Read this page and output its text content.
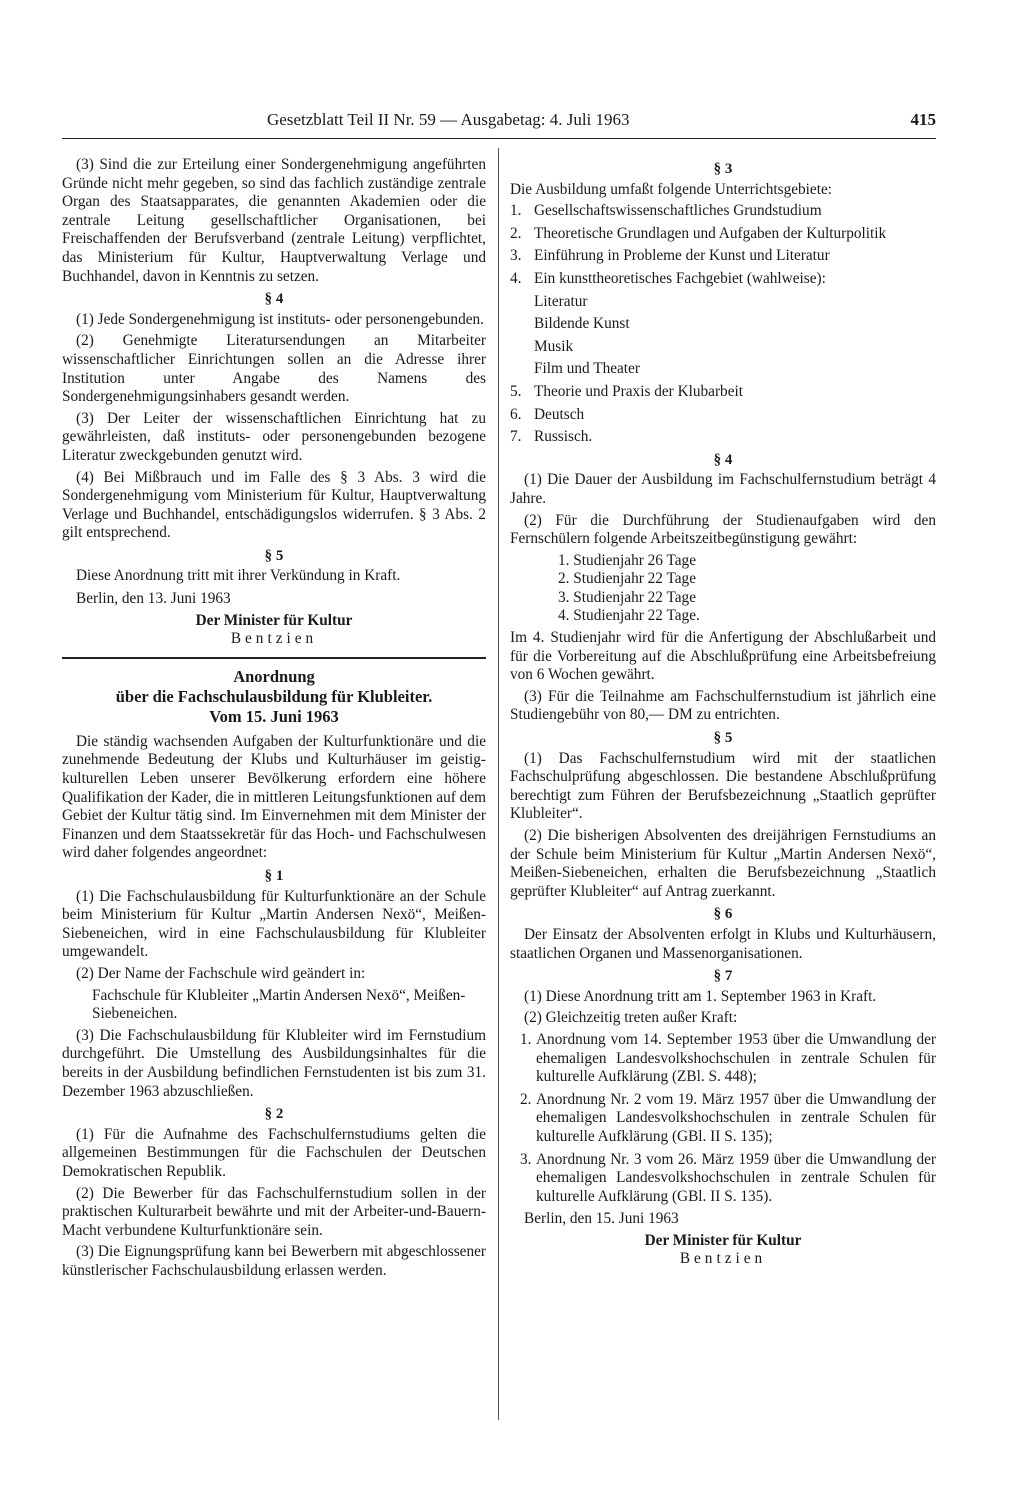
Gesetzblatt Teil II Nr. 59 — Ausgabetag: 4. Juli 1963	415

(3) Sind die zur Erteilung einer Sondergenehmigung angeführten Gründe nicht mehr gegeben, so sind das fachlich zuständige zentrale Organ des Staatsapparates, die genannten Akademien oder die zentrale Leitung gesellschaftlicher Organisationen, bei Freischaffenden der Berufsverband (zentrale Leitung) verpflichtet, das Ministerium für Kultur, Hauptverwaltung Verlage und Buchhandel, davon in Kenntnis zu setzen.

§ 4

(1) Jede Sondergenehmigung ist instituts- oder personengebunden.

(2) Genehmigte Literatursendungen an Mitarbeiter wissenschaftlicher Einrichtungen sollen an die Adresse ihrer Institution unter Angabe des Namens des Sondergenehmigungsinhabers gesandt werden.

(3) Der Leiter der wissenschaftlichen Einrichtung hat zu gewährleisten, daß instituts- oder personengebunden bezogene Literatur zweckgebunden genutzt wird.

(4) Bei Mißbrauch und im Falle des § 3 Abs. 3 wird die Sondergenehmigung vom Ministerium für Kultur, Hauptverwaltung Verlage und Buchhandel, entschädigungslos widerrufen. § 3 Abs. 2 gilt entsprechend.

§ 5

Diese Anordnung tritt mit ihrer Verkündung in Kraft.

Berlin, den 13. Juni 1963
Der Minister für Kultur
Bentzien
Anordnung
über die Fachschulausbildung für Klubleiter.
Vom 15. Juni 1963

Die ständig wachsenden Aufgaben der Kulturfunktionäre und die zunehmende Bedeutung der Klubs und Kulturhäuser im geistig-kulturellen Leben unserer Bevölkerung erfordern eine höhere Qualifikation der Kader, die in mittleren Leitungsfunktionen auf dem Gebiet der Kultur tätig sind. Im Einvernehmen mit dem Minister der Finanzen und dem Staatssekretär für das Hoch- und Fachschulwesen wird daher folgendes angeordnet:

§ 1

(1) Die Fachschulausbildung für Kulturfunktionäre an der Schule beim Ministerium für Kultur „Martin Andersen Nexö“, Meißen-Siebeneichen, wird in eine Fachschulausbildung für Klubleiter umgewandelt.

(2) Der Name der Fachschule wird geändert in:

Fachschule für Klubleiter „Martin Andersen Nexö“, Meißen-Siebeneichen.

(3) Die Fachschulausbildung für Klubleiter wird im Fernstudium durchgeführt. Die Umstellung des Ausbildungsinhaltes für die bereits in der Ausbildung befindlichen Fernstudenten ist bis zum 31. Dezember 1963 abzuschließen.

§ 2

(1) Für die Aufnahme des Fachschulfernstudiums gelten die allgemeinen Bestimmungen für die Fachschulen der Deutschen Demokratischen Republik.

(2) Die Bewerber für das Fachschulfernstudium sollen in der praktischen Kulturarbeit bewährte und mit der Arbeiter-und-Bauern-Macht verbundene Kulturfunktionäre sein.

(3) Die Eignungsprüfung kann bei Bewerbern mit abgeschlossener künstlerischer Fachschulausbildung erlassen werden.

§ 3

Die Ausbildung umfaßt folgende Unterrichtsgebiete:

1. Gesellschaftswissenschaftliches Grundstudium
2. Theoretische Grundlagen und Aufgaben der Kulturpolitik
3. Einführung in Probleme der Kunst und Literatur
4. Ein kunsttheoretisches Fachgebiet (wahlweise):
Literatur
Bildende Kunst
Musik
Film und Theater
5. Theorie und Praxis der Klubarbeit
6. Deutsch
7. Russisch.
§ 4

(1) Die Dauer der Ausbildung im Fachschulfernstudium beträgt 4 Jahre.

(2) Für die Durchführung der Studienaufgaben wird den Fernschülern folgende Arbeitszeitbegünstigung gewährt:

1. Studienjahr 26 Tage
2. Studienjahr 22 Tage
3. Studienjahr 22 Tage
4. Studienjahr 22 Tage.

Im 4. Studienjahr wird für die Anfertigung der Abschlußarbeit und für die Vorbereitung auf die Abschlußprüfung eine Arbeitsbefreiung von 6 Wochen gewährt.

(3) Für die Teilnahme am Fachschulfernstudium ist jährlich eine Studiengebühr von 80,— DM zu entrichten.

§ 5

(1) Das Fachschulfernstudium wird mit der staatlichen Fachschulprüfung abgeschlossen. Die bestandene Abschlußprüfung berechtigt zum Führen der Berufsbezeichnung „Staatlich geprüfter Klubleiter“.

(2) Die bisherigen Absolventen des dreijährigen Fernstudiums an der Schule beim Ministerium für Kultur „Martin Andersen Nexö“, Meißen-Siebeneichen, erhalten die Berufsbezeichnung „Staatlich geprüfter Klubleiter“ auf Antrag zuerkannt.

§ 6

Der Einsatz der Absolventen erfolgt in Klubs und Kulturhäusern, staatlichen Organen und Massenorganisationen.

§ 7

(1) Diese Anordnung tritt am 1. September 1963 in Kraft.

(2) Gleichzeitig treten außer Kraft:

1. Anordnung vom 14. September 1953 über die Umwandlung der ehemaligen Landesvolkshochschulen in zentrale Schulen für kulturelle Aufklärung (ZBl. S. 448);
2. Anordnung Nr. 2 vom 19. März 1957 über die Umwandlung der ehemaligen Landesvolkshochschulen in zentrale Schulen für kulturelle Aufklärung (GBl. II S. 135);
3. Anordnung Nr. 3 vom 26. März 1959 über die Umwandlung der ehemaligen Landesvolkshochschulen in zentrale Schulen für kulturelle Aufklärung (GBl. II S. 135).
Berlin, den 15. Juni 1963
Der Minister für Kultur
Bentzien
